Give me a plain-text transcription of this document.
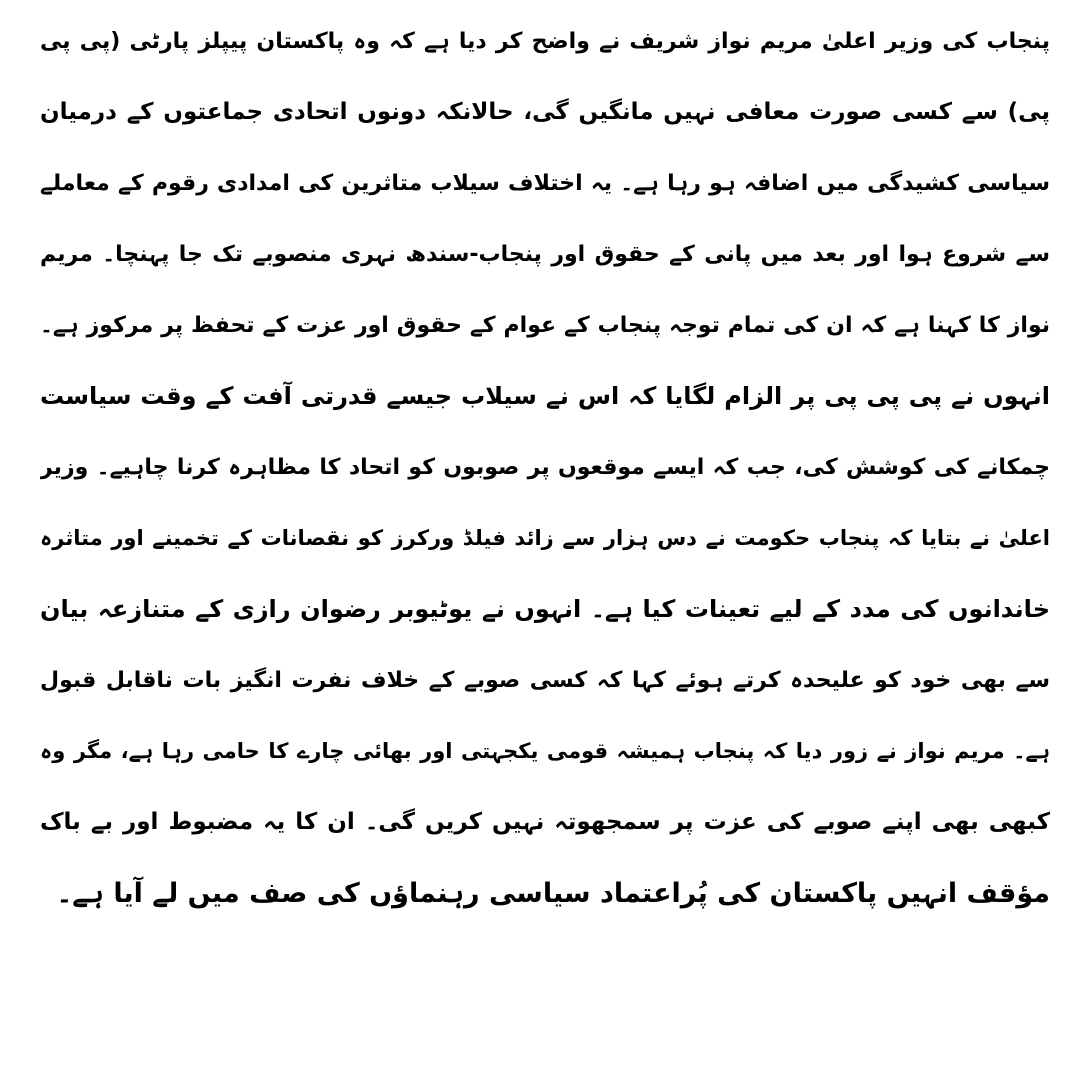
پنجاب کی وزیر اعلیٰ مریم نواز شریف نے واضح کر دیا ہے کہ وہ پاکستان پیپلز پارٹی (پی پی
پی) سے کسی صورت معافی نہیں مانگیں گی، حالانکہ دونوں اتحادی جماعتوں کے درمیان
سیاسی کشیدگی میں اضافہ ہو رہا ہے۔ یہ اختلاف سیلاب متاثرین کی امدادی رقوم کے معاملے
سے شروع ہوا اور بعد میں پانی کے حقوق اور پنجاب-سندھ نہری منصوبے تک جا پہنچا۔ مریم
نواز کا کہنا ہے کہ ان کی تمام توجہ پنجاب کے عوام کے حقوق اور عزت کے تحفظ پر مرکوز ہے۔
انہوں نے پی پی پی پر الزام لگایا کہ اس نے سیلاب جیسے قدرتی آفت کے وقت سیاست
چمکانے کی کوشش کی، جب کہ ایسے موقعوں پر صوبوں کو اتحاد کا مظاہرہ کرنا چاہیے۔ وزیر
اعلیٰ نے بتایا کہ پنجاب حکومت نے دس ہزار سے زائد فیلڈ ورکرز کو نقصانات کے تخمینے اور متاثرہ
خاندانوں کی مدد کے لیے تعینات کیا ہے۔ انہوں نے یوٹیوبر رضوان رازی کے متنازعہ بیان
سے بھی خود کو علیحدہ کرتے ہوئے کہا کہ کسی صوبے کے خلاف نفرت انگیز بات ناقابل قبول
ہے۔ مریم نواز نے زور دیا کہ پنجاب ہمیشہ قومی یکجہتی اور بھائی چارے کا حامی رہا ہے، مگر وہ
کبھی بھی اپنے صوبے کی عزت پر سمجھوتہ نہیں کریں گی۔ ان کا یہ مضبوط اور بے باک
مؤقف انہیں پاکستان کی پُراعتماد سیاسی رہنماؤں کی صف میں لے آیا ہے۔
